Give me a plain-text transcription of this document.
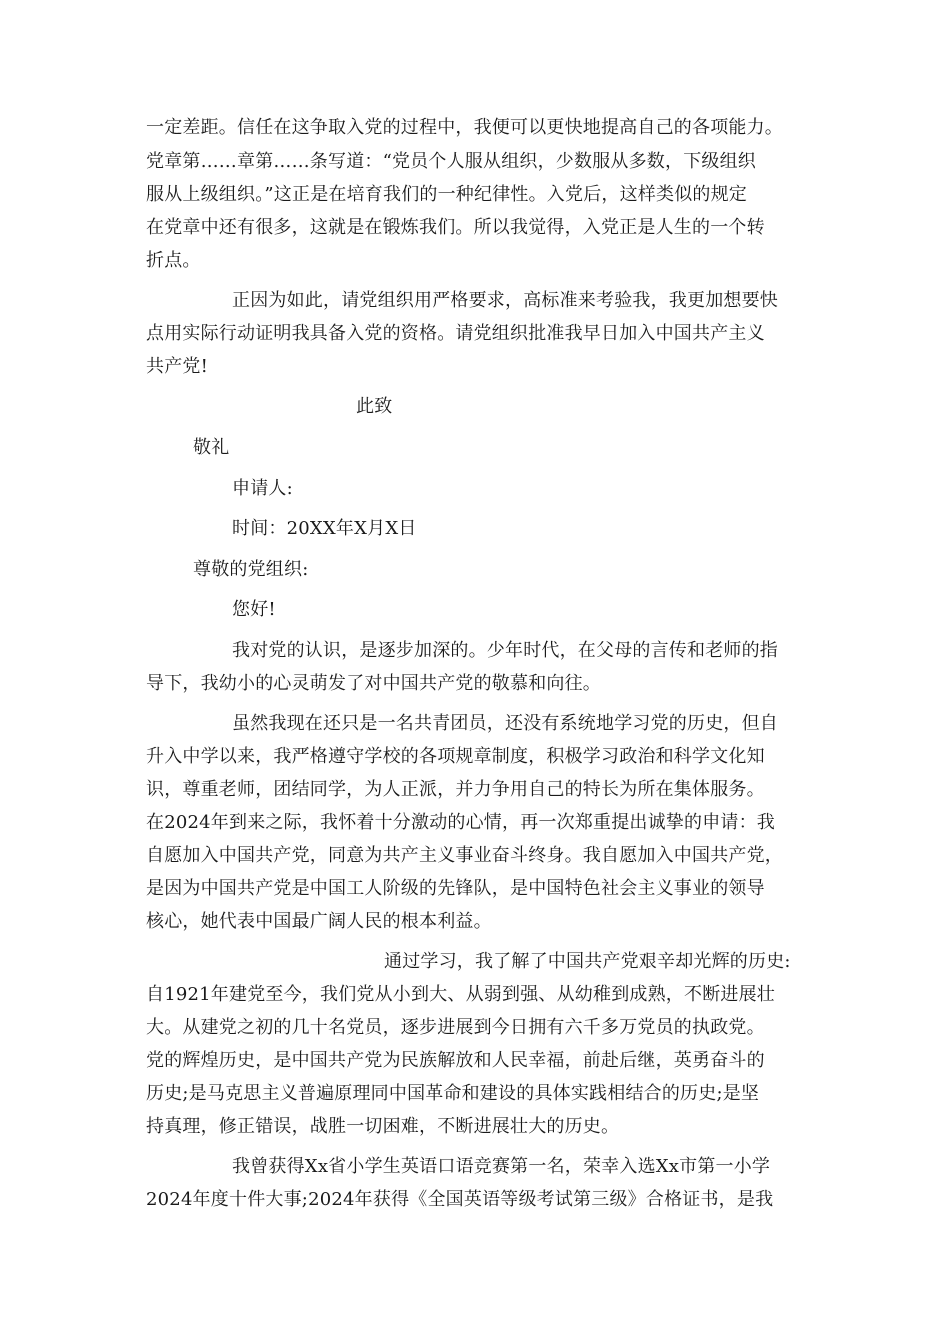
一定差距。信任在这争取入党的过程中，我便可以更快地提高自己的各项能力。
党章第……章第……条写道：“党员个人服从组织，少数服从多数，下级组织
服从上级组织。”这正是在培育我们的一种纪律性。入党后，这样类似的规定
在党章中还有很多，这就是在锻炼我们。所以我觉得，入党正是人生的一个转
折点。
正因为如此，请党组织用严格要求，高标准来考验我，我更加想要快
点用实际行动证明我具备入党的资格。请党组织批准我早日加入中国共产主义
共产党!
此致
敬礼
申请人:
时间：20XX年X月X日
尊敬的党组织:
您好!
我对党的认识，是逐步加深的。少年时代，在父母的言传和老师的指
导下，我幼小的心灵萌发了对中国共产党的敬慕和向往。
虽然我现在还只是一名共青团员，还没有系统地学习党的历史，但自
升入中学以来，我严格遵守学校的各项规章制度，积极学习政治和科学文化知
识，尊重老师，团结同学，为人正派，并力争用自己的特长为所在集体服务。
在2024年到来之际，我怀着十分激动的心情，再一次郑重提出诚挚的申请：我
自愿加入中国共产党，同意为共产主义事业奋斗终身。我自愿加入中国共产党，
是因为中国共产党是中国工人阶级的先锋队，是中国特色社会主义事业的领导
核心，她代表中国最广阔人民的根本利益。
通过学习，我了解了中国共产党艰辛却光辉的历史:
自1921年建党至今，我们党从小到大、从弱到强、从幼稚到成熟，不断进展壮
大。从建党之初的几十名党员，逐步进展到今日拥有六千多万党员的执政党。
党的辉煌历史，是中国共产党为民族解放和人民幸福，前赴后继，英勇奋斗的
历史;是马克思主义普遍原理同中国革命和建设的具体实践相结合的历史;是坚
持真理，修正错误，战胜一切困难，不断进展壮大的历史。
我曾获得Xx省小学生英语口语竞赛第一名，荣幸入选Xx市第一小学
2024年度十件大事;2024年获得《全国英语等级考试第三级》合格证书，是我
